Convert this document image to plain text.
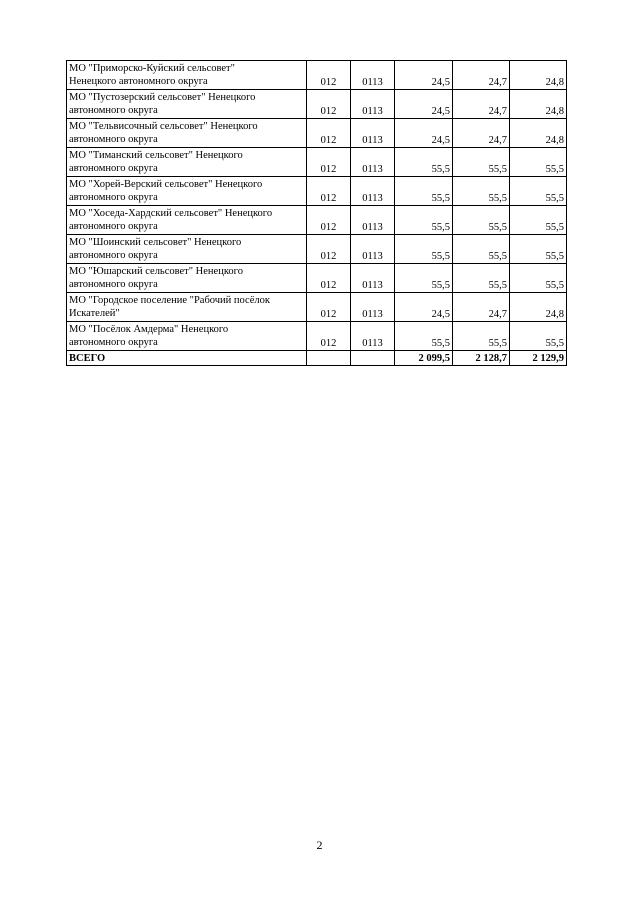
МО "Приморско-Куйский сельсовет"
Ненецкого автономного округа	012	0113	24,5	24,7	24,8

МО "Пустозерский сельсовет" Ненецкого
автономного округа	012	0113	24,5	24,7	24,8

МО "Тельвисочный сельсовет" Ненецкого
автономного округа	012	0113	24,5	24,7	24,8

МО "Тиманский сельсовет" Ненецкого
автономного округа	012	0113	55,5	55,5	55,5

МО "Хорей-Верский сельсовет" Ненецкого
автономного округа	012	0113	55,5	55,5	55,5

МО "Хоседа-Хардский сельсовет" Ненецкого
автономного округа	012	0113	55,5	55,5	55,5

МО "Шоинский сельсовет" Ненецкого
автономного округа	012	0113	55,5	55,5	55,5

МО "Юшарский сельсовет" Ненецкого
автономного округа	012	0113	55,5	55,5	55,5

МО "Городское поселение "Рабочий посёлок
Искателей"	012	0113	24,5	24,7	24,8

МО "Посёлок Амдерма" Ненецкого
автономного округа	012	0113	55,5	55,5	55,5
ВСЕГО			2 099,5	2 128,7	2 129,9
2
